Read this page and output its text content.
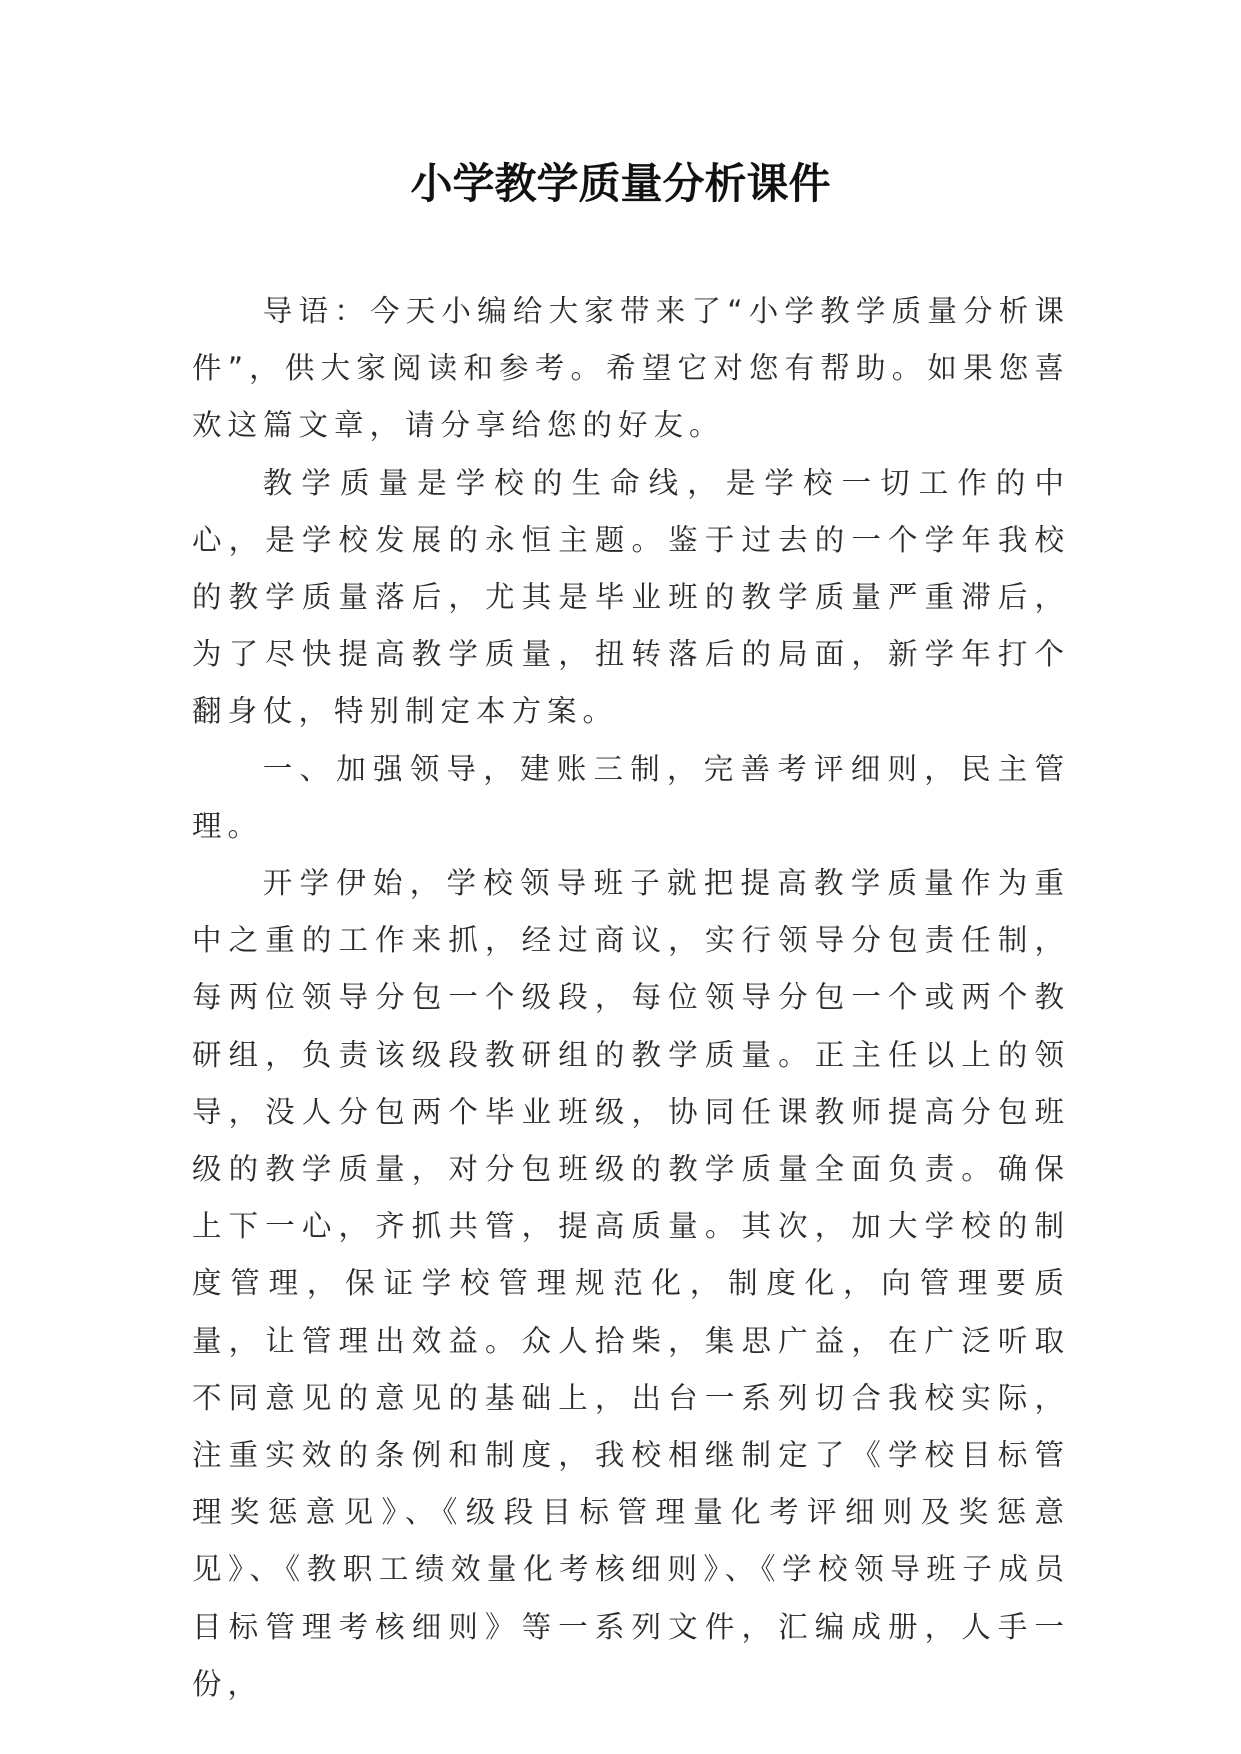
小学教学质量分析课件

导语：今天小编给大家带来了“小学教学质量分析课件”，供大家阅读和参考。希望它对您有帮助。如果您喜欢这篇文章，请分享给您的好友。

教学质量是学校的生命线，是学校一切工作的中心，是学校发展的永恒主题。鉴于过去的一个学年我校的教学质量落后，尤其是毕业班的教学质量严重滞后，为了尽快提高教学质量，扭转落后的局面，新学年打个翻身仗，特别制定本方案。

一、加强领导，建账三制，完善考评细则，民主管理。

开学伊始，学校领导班子就把提高教学质量作为重中之重的工作来抓，经过商议，实行领导分包责任制，每两位领导分包一个级段，每位领导分包一个或两个教研组，负责该级段教研组的教学质量。正主任以上的领导，没人分包两个毕业班级，协同任课教师提高分包班级的教学质量，对分包班级的教学质量全面负责。确保上下一心，齐抓共管，提高质量。其次，加大学校的制度管理，保证学校管理规范化，制度化，向管理要质量，让管理出效益。众人拾柴，集思广益，在广泛听取不同意见的意见的基础上，出台一系列切合我校实际，注重实效的条例和制度，我校相继制定了《学校目标管理奖惩意见》、《级段目标管理量化考评细则及奖惩意见》、《教职工绩效量化考核细则》、《学校领导班子成员目标管理考核细则》等一系列文件，汇编成册，人手一份，
